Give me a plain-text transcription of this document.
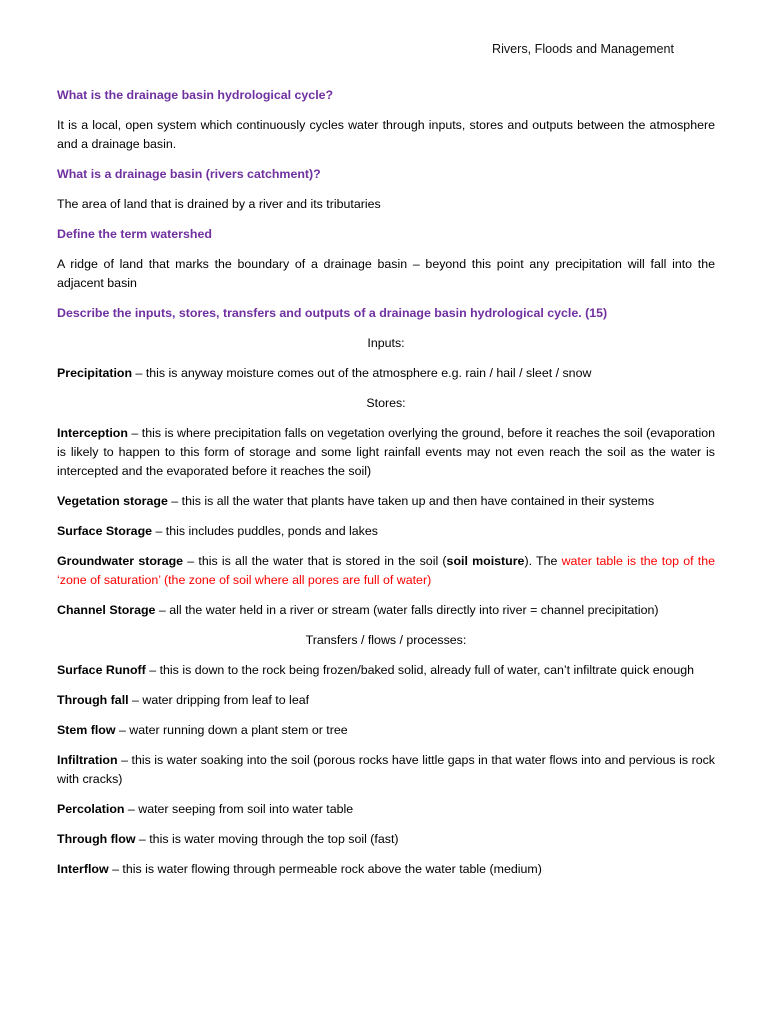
Rivers, Floods and Management
What is the drainage basin hydrological cycle?
It is a local, open system which continuously cycles water through inputs, stores and outputs between the atmosphere and a drainage basin.
What is a drainage basin (rivers catchment)?
The area of land that is drained by a river and its tributaries
Define the term watershed
A ridge of land that marks the boundary of a drainage basin – beyond this point any precipitation will fall into the adjacent basin
Describe the inputs, stores, transfers and outputs of a drainage basin hydrological cycle. (15)
Inputs:
Precipitation – this is anyway moisture comes out of the atmosphere e.g. rain / hail / sleet / snow
Stores:
Interception – this is where precipitation falls on vegetation overlying the ground, before it reaches the soil (evaporation is likely to happen to this form of storage and some light rainfall events may not even reach the soil as the water is intercepted and the evaporated before it reaches the soil)
Vegetation storage – this is all the water that plants have taken up and then have contained in their systems
Surface Storage – this includes puddles, ponds and lakes
Groundwater storage – this is all the water that is stored in the soil (soil moisture). The water table is the top of the ‘zone of saturation’ (the zone of soil where all pores are full of water)
Channel Storage – all the water held in a river or stream (water falls directly into river = channel precipitation)
Transfers / flows / processes:
Surface Runoff – this is down to the rock being frozen/baked solid, already full of water, can’t infiltrate quick enough
Through fall – water dripping from leaf to leaf
Stem flow – water running down a plant stem or tree
Infiltration – this is water soaking into the soil (porous rocks have little gaps in that water flows into and pervious is rock with cracks)
Percolation – water seeping from soil into water table
Through flow – this is water moving through the top soil (fast)
Interflow – this is water flowing through permeable rock above the water table (medium)
